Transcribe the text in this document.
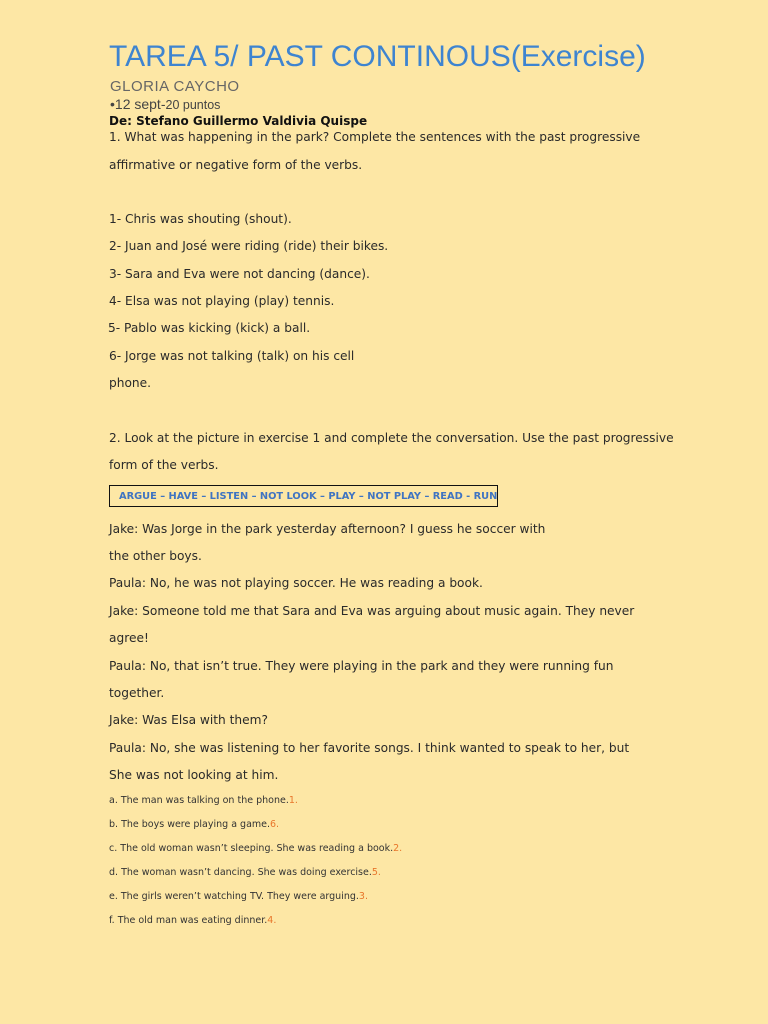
TAREA 5/ PAST CONTINOUS(Exercise)
GLORIA CAYCHO
•12 sept-20 puntos
De: Stefano Guillermo Valdivia Quispe
1. What was happening in the park? Complete the sentences with the past progressive
affirmative or negative form of the verbs.
1- Chris was shouting (shout).
2- Juan and José were riding (ride) their bikes.
3- Sara and Eva were not dancing (dance).
4- Elsa was not playing (play) tennis.
5- Pablo was kicking (kick) a ball.
6- Jorge was not talking (talk) on his cell
phone.
2. Look at the picture in exercise 1 and complete the conversation. Use the past progressive
form of the verbs.
ARGUE – HAVE – LISTEN – NOT LOOK – PLAY – NOT PLAY – READ - RUN
Jake: Was Jorge in the park yesterday afternoon? I guess he soccer with
the other boys.
Paula: No, he was not playing soccer. He was reading a book.
Jake: Someone told me that Sara and Eva was arguing about music again. They never
agree!
Paula: No, that isn’t true. They were playing in the park and they were running fun
together.
Jake: Was Elsa with them?
Paula: No, she was listening to her favorite songs. I think wanted to speak to her, but
She was not looking at him.
a. The man was talking on the phone.1.
b. The boys were playing a game.6.
c. The old woman wasn’t sleeping. She was reading a book.2.
d. The woman wasn’t dancing. She was doing exercise.5.
e. The girls weren’t watching TV. They were arguing.3.
f. The old man was eating dinner.4.
